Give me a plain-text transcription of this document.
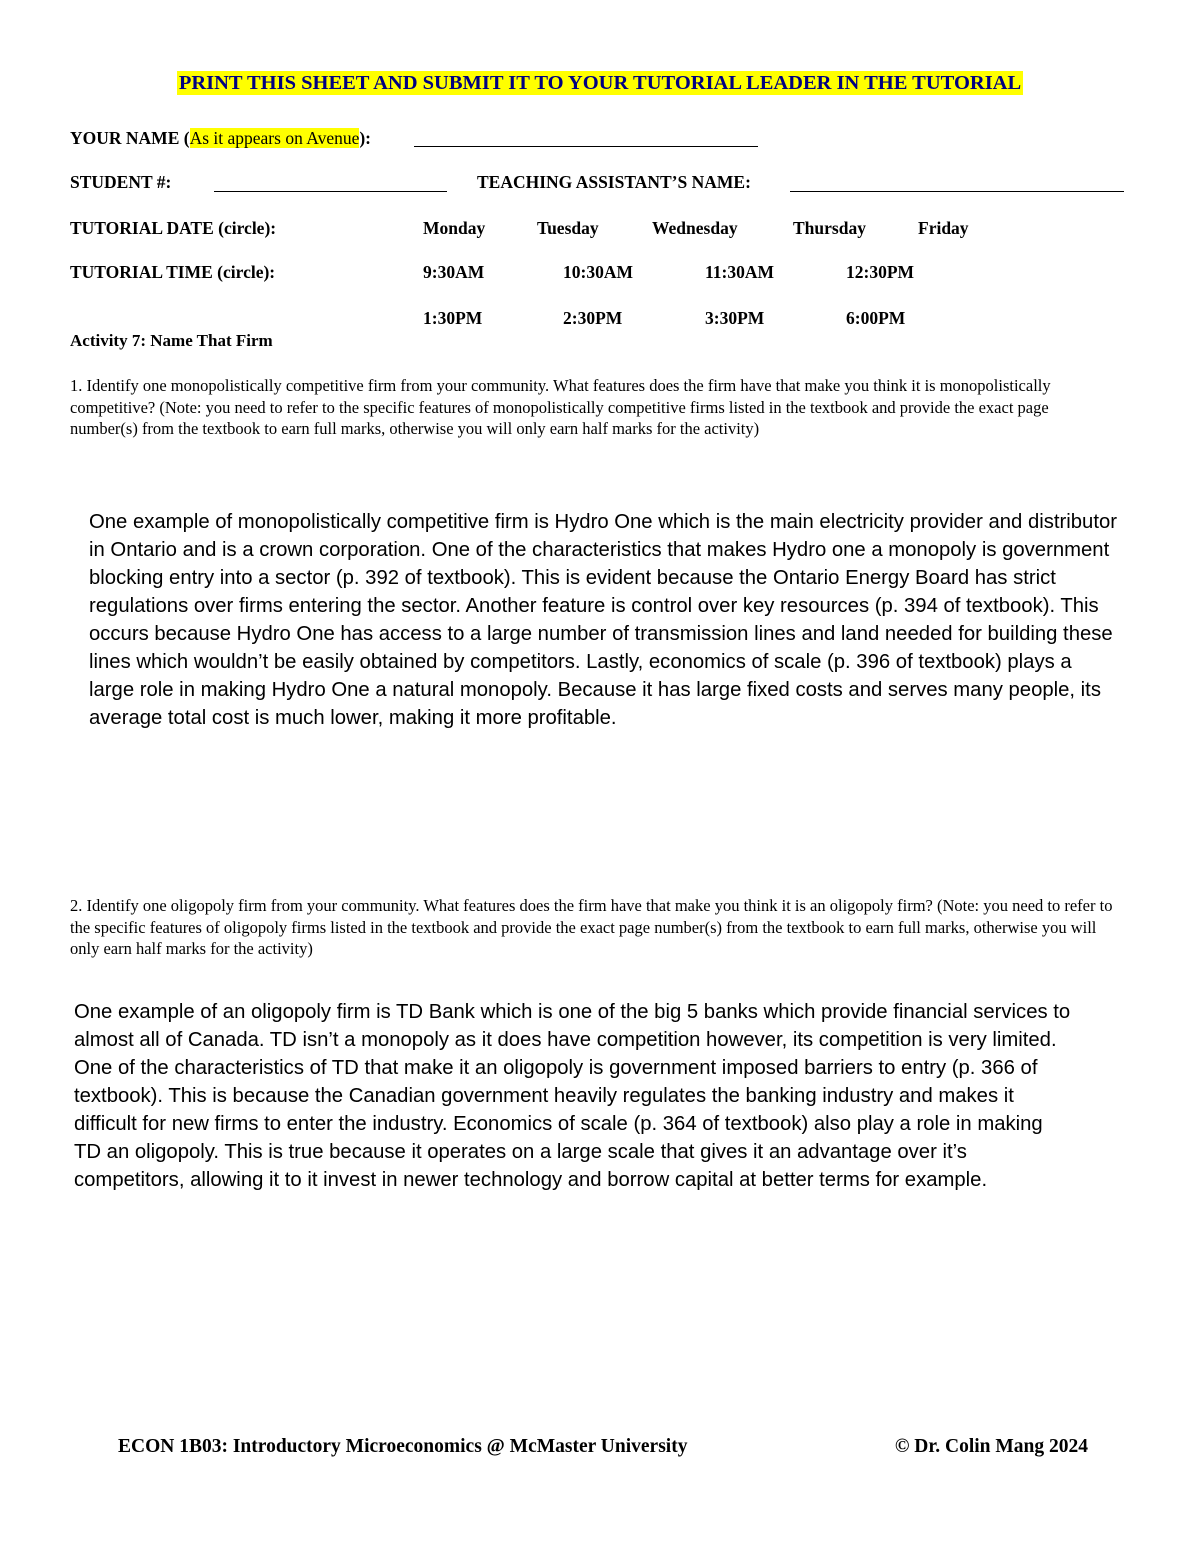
PRINT THIS SHEET AND SUBMIT IT TO YOUR TUTORIAL LEADER IN THE TUTORIAL
YOUR NAME (As it appears on Avenue):
STUDENT #:	TEACHING ASSISTANT’S NAME:
TUTORIAL DATE (circle):	Monday	Tuesday	Wednesday	Thursday	Friday
TUTORIAL TIME (circle):	9:30AM	10:30AM	11:30AM	12:30PM
1:30PM	2:30PM	3:30PM	6:00PM
Activity 7: Name That Firm
1. Identify one monopolistically competitive firm from your community. What features does the firm have that make you think it is monopolistically competitive? (Note: you need to refer to the specific features of monopolistically competitive firms listed in the textbook and provide the exact page number(s) from the textbook to earn full marks, otherwise you will only earn half marks for the activity)
One example of monopolistically competitive firm is Hydro One which is the main electricity provider and distributor in Ontario and is a crown corporation. One of the characteristics that makes Hydro one a monopoly is government blocking entry into a sector (p. 392 of textbook). This is evident because the Ontario Energy Board has strict regulations over firms entering the sector. Another feature is control over key resources (p. 394 of textbook). This occurs because Hydro One has access to a large number of transmission lines and land needed for building these lines which wouldn’t be easily obtained by competitors. Lastly, economics of scale (p. 396 of textbook) plays a large role in making Hydro One a natural monopoly. Because it has large fixed costs and serves many people, its average total cost is much lower, making it more profitable.
2. Identify one oligopoly firm from your community. What features does the firm have that make you think it is an oligopoly firm? (Note: you need to refer to the specific features of oligopoly firms listed in the textbook and provide the exact page number(s) from the textbook to earn full marks, otherwise you will only earn half marks for the activity)
One example of an oligopoly firm is TD Bank which is one of the big 5 banks which provide financial services to almost all of Canada. TD isn’t a monopoly as it does have competition however, its competition is very limited. One of the characteristics of TD that make it an oligopoly is government imposed barriers to entry (p. 366 of textbook). This is because the Canadian government heavily regulates the banking industry and makes it difficult for new firms to enter the industry. Economics of scale (p. 364 of textbook) also play a role in making TD an oligopoly. This is true because it operates on a large scale that gives it an advantage over it’s competitors, allowing it to it invest in newer technology and borrow capital at better terms for example.
ECON 1B03: Introductory Microeconomics @ McMaster University	© Dr. Colin Mang 2024
